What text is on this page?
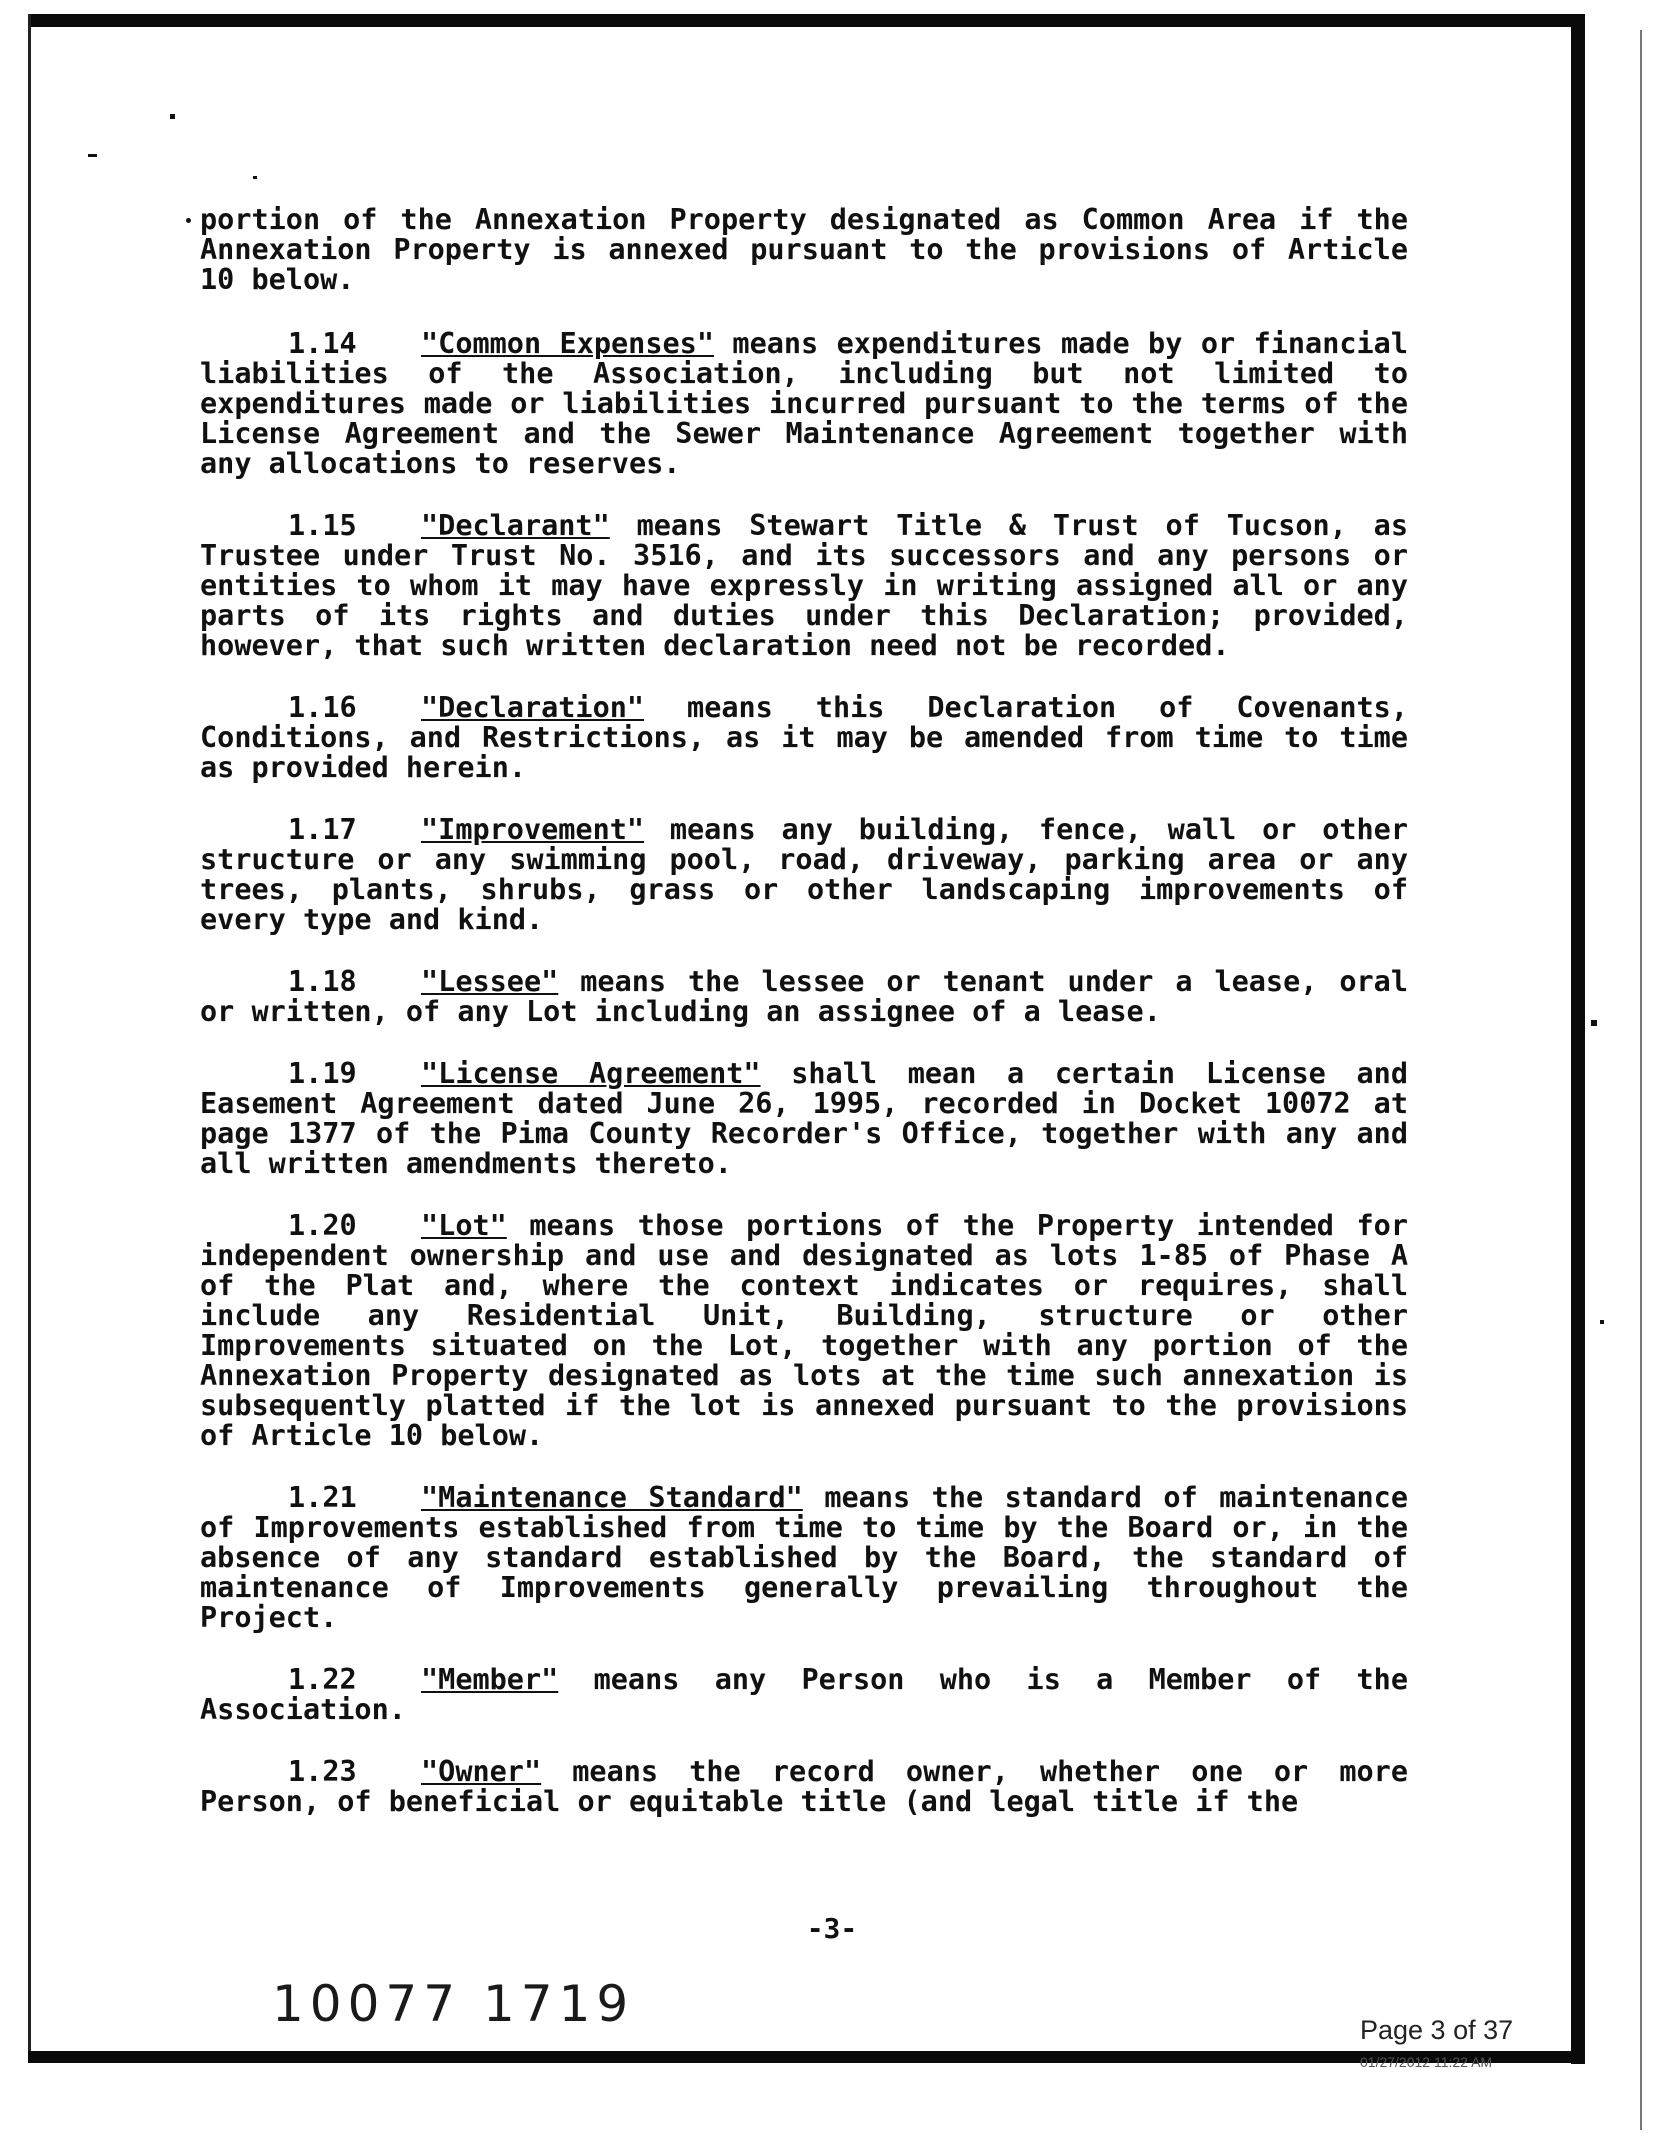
portion of the Annexation Property designated as Common Area if the Annexation Property is annexed pursuant to the provisions of Article 10 below.

1.14 "Common Expenses" means expenditures made by or financial liabilities of the Association, including but not limited to expenditures made or liabilities incurred pursuant to the terms of the License Agreement and the Sewer Maintenance Agreement together with any allocations to reserves.

1.15 "Declarant" means Stewart Title & Trust of Tucson, as Trustee under Trust No. 3516, and its successors and any persons or entities to whom it may have expressly in writing assigned all or any parts of its rights and duties under this Declaration; provided, however, that such written declaration need not be recorded.

1.16 "Declaration" means this Declaration of Covenants, Conditions, and Restrictions, as it may be amended from time to time as provided herein.

1.17 "Improvement" means any building, fence, wall or other structure or any swimming pool, road, driveway, parking area or any trees, plants, shrubs, grass or other landscaping improvements of every type and kind.

1.18 "Lessee" means the lessee or tenant under a lease, oral or written, of any Lot including an assignee of a lease.

1.19 "License Agreement" shall mean a certain License and Easement Agreement dated June 26, 1995, recorded in Docket 10072 at page 1377 of the Pima County Recorder's Office, together with any and all written amendments thereto.

1.20 "Lot" means those portions of the Property intended for independent ownership and use and designated as lots 1-85 of Phase A of the Plat and, where the context indicates or requires, shall include any Residential Unit, Building, structure or other Improvements situated on the Lot, together with any portion of the Annexation Property designated as lots at the time such annexation is subsequently platted if the lot is annexed pursuant to the provisions of Article 10 below.

1.21 "Maintenance Standard" means the standard of maintenance of Improvements established from time to time by the Board or, in the absence of any standard established by the Board, the standard of maintenance of Improvements generally prevailing throughout the Project.

1.22 "Member" means any Person who is a Member of the Association.

1.23 "Owner" means the record owner, whether one or more Person, of beneficial or equitable title (and legal title if the

-3-
10077 1719	Page 3 of 37
01/27/2012 11:22 AM
